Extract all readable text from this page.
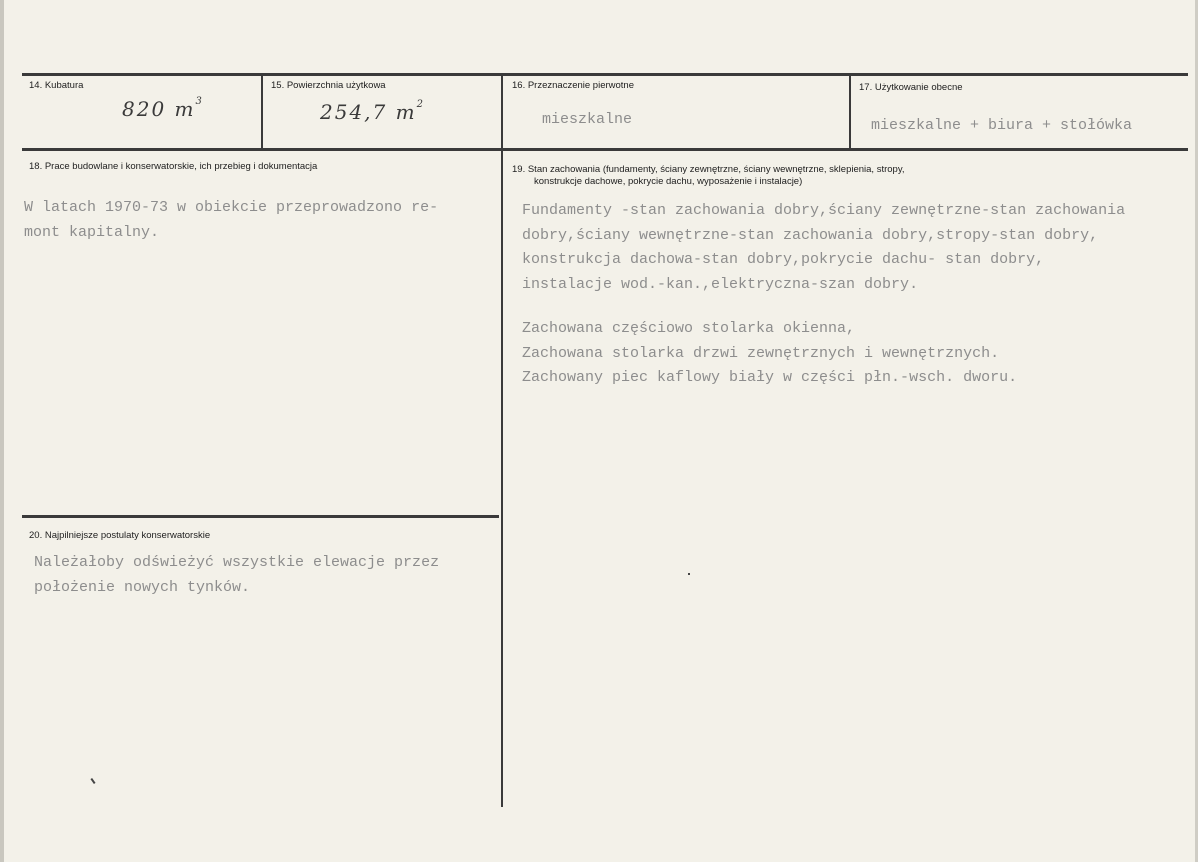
14. Kubatura
820 $m^3$
15. Powierzchnia użytkowa
254,7 $m^2$
16. Przeznaczenie pierwotne
mieszkalne
17. Użytkowanie obecne
mieszkalne + biura + stołówka
18. Prace budowlane i konserwatorskie, ich przebieg i dokumentacja
W latach 1970-73 w obiekcie przeprowadzono re-
mont kapitalny.
19. Stan zachowania (fundamenty, ściany zewnętrzne, ściany wewnętrzne, sklepienia, stropy,
konstrukcje dachowe, pokrycie dachu, wyposażenie i instalacje)
Fundamenty -stan zachowania dobry,ściany zewnętrzne-stan zachowania
dobry,ściany wewnętrzne-stan zachowania dobry,stropy-stan dobry,
konstrukcja dachowa-stan dobry,pokrycie dachu- stan dobry,
instalacje wod.-kan.,elektryczna-szan dobry.
Zachowana częściowo stolarka okienna,
Zachowana stolarka drzwi zewnętrznych i wewnętrznych.
Zachowany piec kaflowy biały w części płn.-wsch. dworu.
20. Najpilniejsze postulaty konserwatorskie
Należałoby odświeżyć wszystkie elewacje przez
położenie nowych tynków.
